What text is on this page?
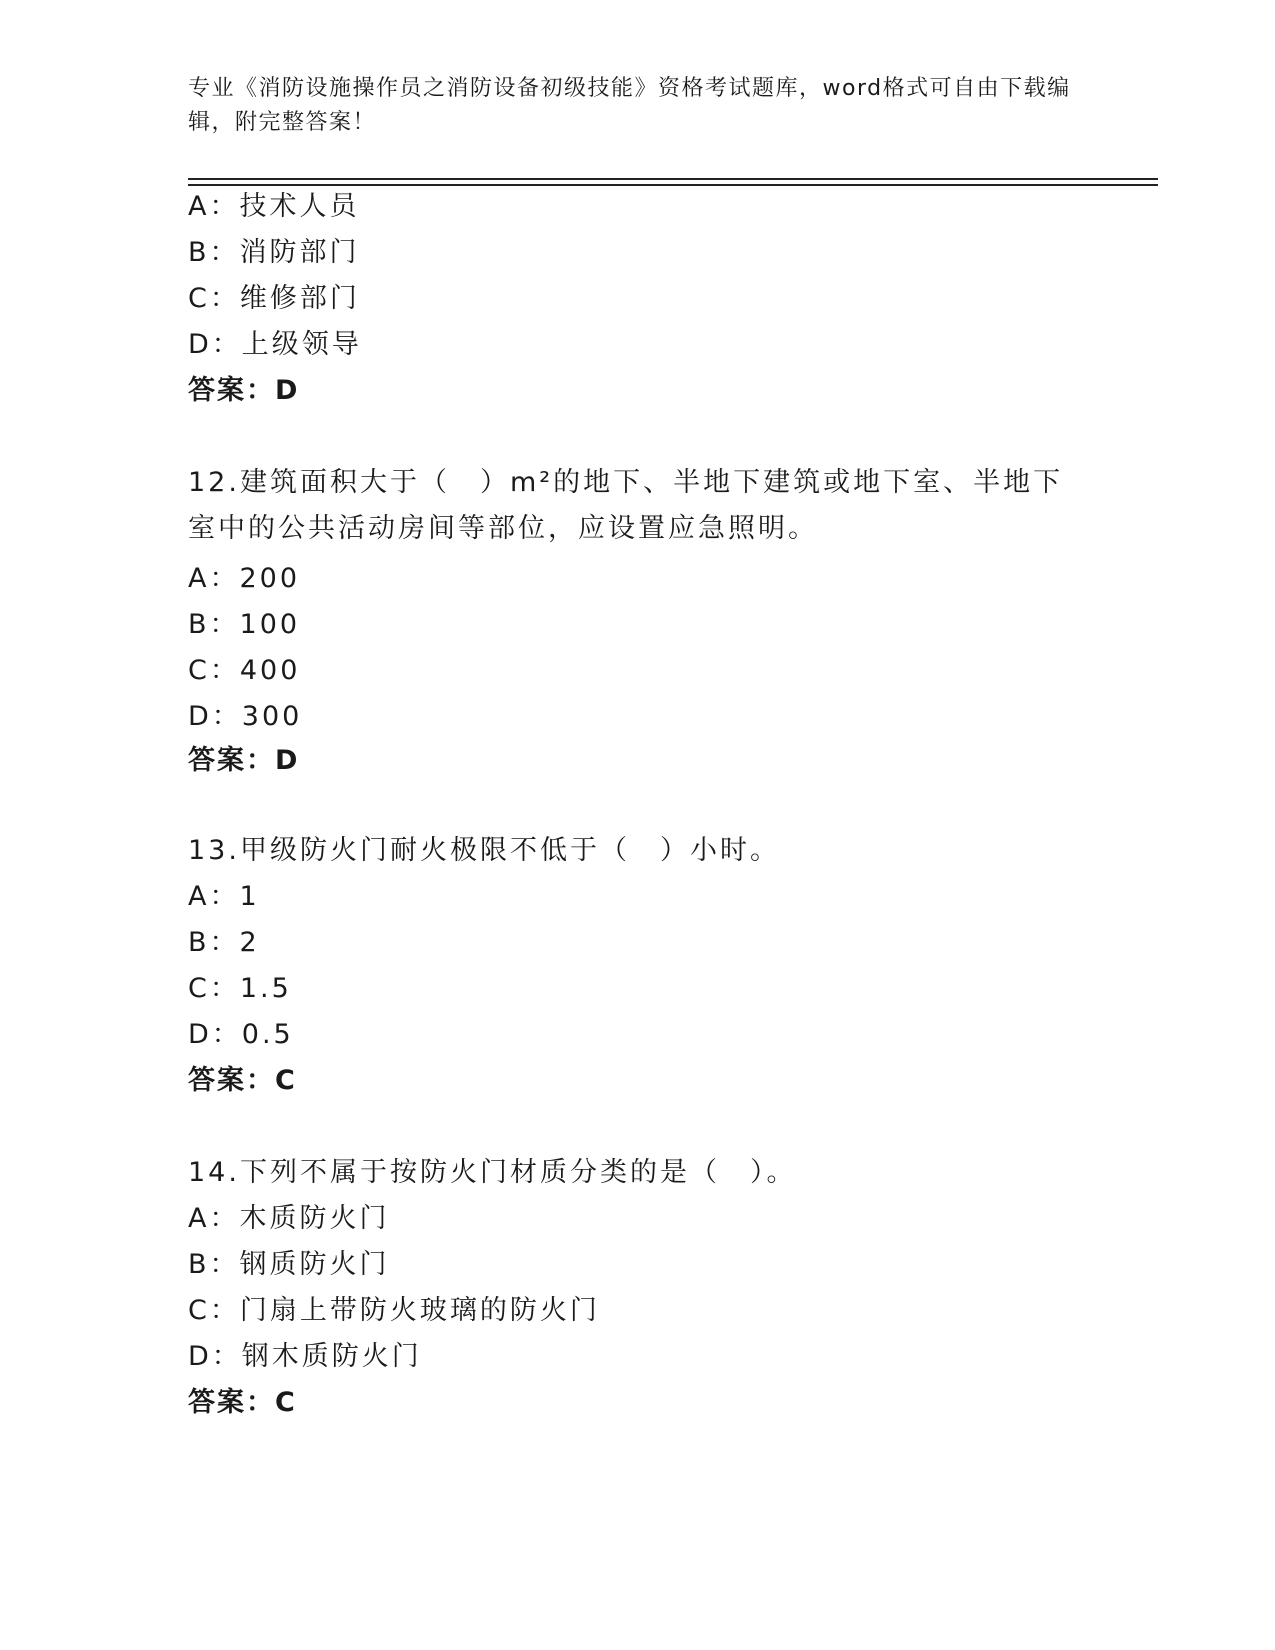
专业《消防设施操作员之消防设备初级技能》资格考试题库，word格式可自由下载编辑，附完整答案！

A：技术人员

B：消防部门

C：维修部门

D：上级领导

答案：D

12.建筑面积大于（　）m²的地下、半地下建筑或地下室、半地下室中的公共活动房间等部位，应设置应急照明。

A：200

B：100

C：400

D：300

答案：D

13.甲级防火门耐火极限不低于（　）小时。

A：1

B：2

C：1.5

D：0.5

答案：C

14.下列不属于按防火门材质分类的是（　）。

A：木质防火门

B：钢质防火门

C：门扇上带防火玻璃的防火门

D：钢木质防火门

答案：C
